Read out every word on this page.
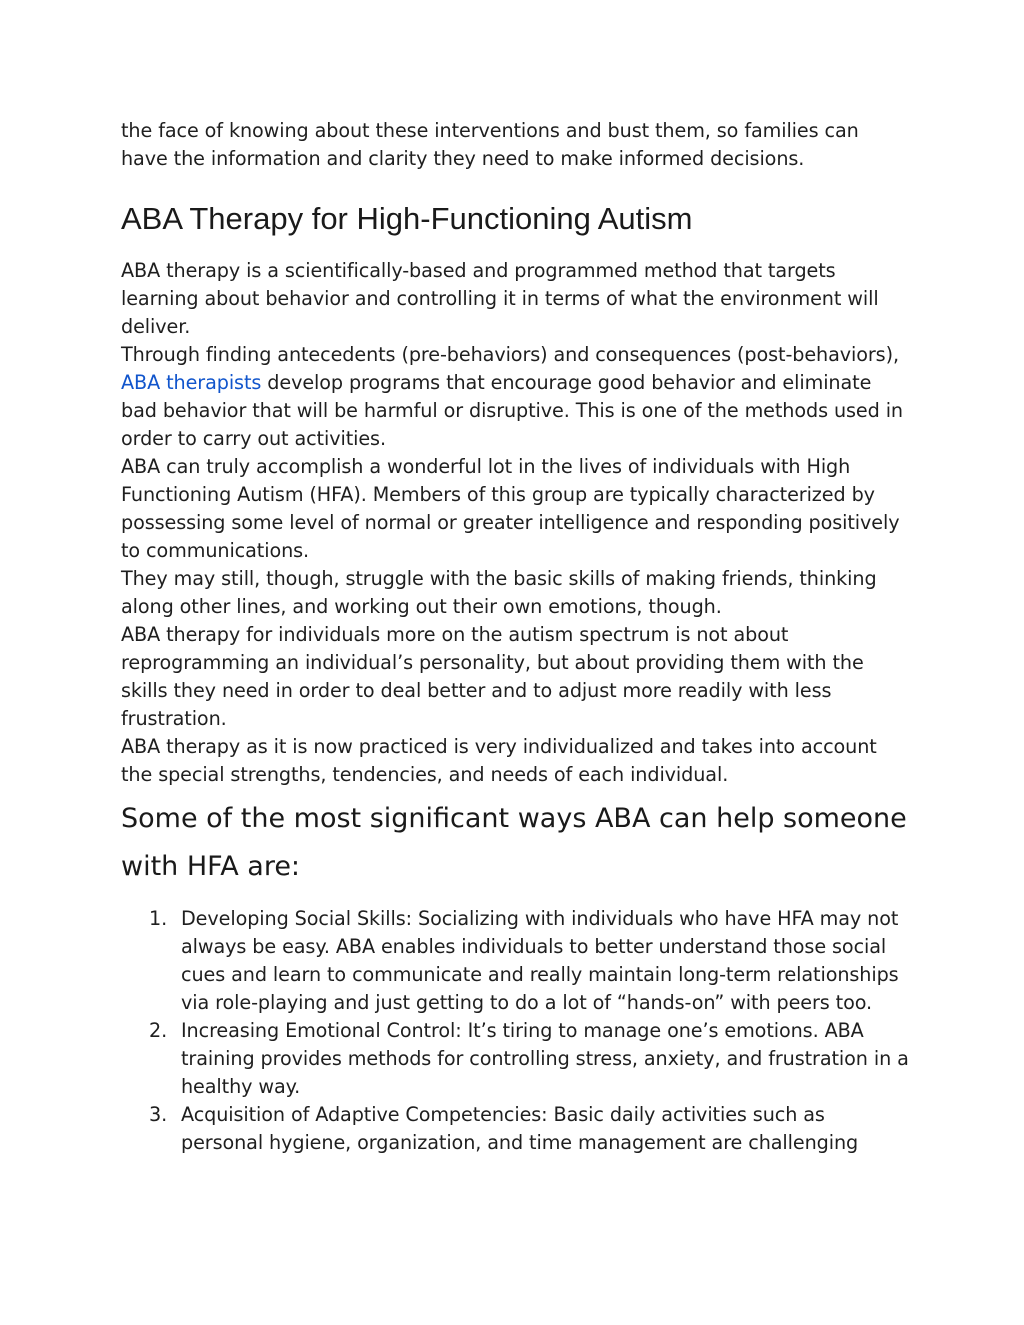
the face of knowing about these interventions and bust them, so families can have the information and clarity they need to make informed decisions.

ABA Therapy for High-Functioning Autism

ABA therapy is a scientifically-based and programmed method that targets learning about behavior and controlling it in terms of what the environment will deliver.

Through finding antecedents (pre-behaviors) and consequences (post-behaviors), ABA therapists develop programs that encourage good behavior and eliminate bad behavior that will be harmful or disruptive. This is one of the methods used in order to carry out activities.

ABA can truly accomplish a wonderful lot in the lives of individuals with High Functioning Autism (HFA). Members of this group are typically characterized by possessing some level of normal or greater intelligence and responding positively to communications.

They may still, though, struggle with the basic skills of making friends, thinking along other lines, and working out their own emotions, though.

ABA therapy for individuals more on the autism spectrum is not about reprogramming an individual’s personality, but about providing them with the skills they need in order to deal better and to adjust more readily with less frustration.

ABA therapy as it is now practiced is very individualized and takes into account the special strengths, tendencies, and needs of each individual.

Some of the most significant ways ABA can help someone with HFA are:
1. Developing Social Skills: Socializing with individuals who have HFA may not always be easy. ABA enables individuals to better understand those social cues and learn to communicate and really maintain long-term relationships via role-playing and just getting to do a lot of “hands-on” with peers too.
2. Increasing Emotional Control: It’s tiring to manage one’s emotions. ABA training provides methods for controlling stress, anxiety, and frustration in a healthy way.
3. Acquisition of Adaptive Competencies: Basic daily activities such as personal hygiene, organization, and time management are challenging
